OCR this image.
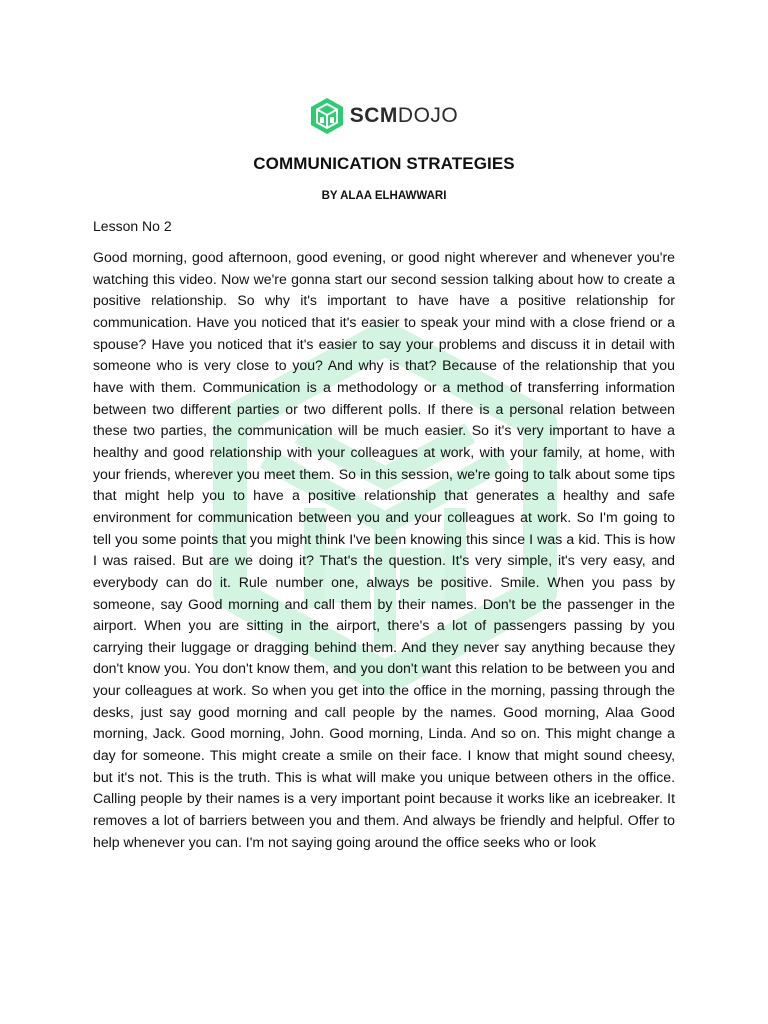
SCMDOJO
COMMUNICATION STRATEGIES
BY ALAA ELHAWWARI
Lesson No 2

Good morning, good afternoon, good evening, or good night wherever and whenever you're watching this video. Now we're gonna start our second session talking about how to create a positive relationship. So why it's important to have have a positive relationship for communication. Have you noticed that it's easier to speak your mind with a close friend or a spouse? Have you noticed that it's easier to say your problems and discuss it in detail with someone who is very close to you? And why is that? Because of the relationship that you have with them. Communication is a methodology or a method of transferring information between two different parties or two different polls. If there is a personal relation between these two parties, the communication will be much easier. So it's very important to have a healthy and good relationship with your colleagues at work, with your family, at home, with your friends, wherever you meet them. So in this session, we're going to talk about some tips that might help you to have a positive relationship that generates a healthy and safe environment for communication between you and your colleagues at work. So I'm going to tell you some points that you might think I've been knowing this since I was a kid. This is how I was raised. But are we doing it? That's the question. It's very simple, it's very easy, and everybody can do it. Rule number one, always be positive. Smile. When you pass by someone, say Good morning and call them by their names. Don't be the passenger in the airport. When you are sitting in the airport, there's a lot of passengers passing by you carrying their luggage or dragging behind them. And they never say anything because they don't know you. You don't know them, and you don't want this relation to be between you and your colleagues at work. So when you get into the office in the morning, passing through the desks, just say good morning and call people by the names. Good morning, Alaa Good morning, Jack. Good morning, John. Good morning, Linda. And so on. This might change a day for someone. This might create a smile on their face. I know that might sound cheesy, but it's not. This is the truth. This is what will make you unique between others in the office. Calling people by their names is a very important point because it works like an icebreaker. It removes a lot of barriers between you and them. And always be friendly and helpful. Offer to help whenever you can. I'm not saying going around the office seeks who or look
